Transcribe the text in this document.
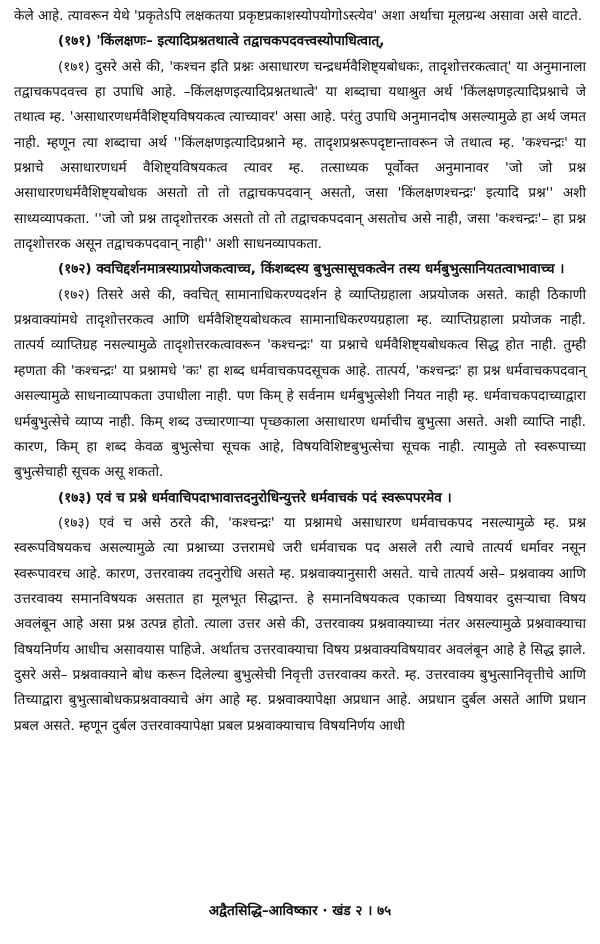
केले आहे. त्यावरून येथे 'प्रकृतेऽपि लक्षकतया प्रकृष्टप्रकाशस्योपयोगोऽस्त्येव' अशा अर्थाचा मूलग्रन्थ असावा असे वाटते.

(१७१) 'किंलक्षणः– इत्यादिप्रश्नतथात्वे तद्वाचकपदवत्त्वस्योपाधित्वात्,

(१७१) दुसरे असे की, 'कश्चन इति प्रश्नः असाधारण चन्द्रधर्मवैशिष्ट्यबोधकः, तादृशोत्तरकत्वात्' या अनुमानाला तद्वाचकपदवत्त्व हा उपाधि आहे. –किंलक्षणइत्यादिप्रश्नतथात्वे' या शब्दाचा यथाश्रुत अर्थ 'किंलक्षणइत्यादिप्रश्नाचे जे तथात्व म्ह. 'असाधारणधर्मवैशिष्ट्यविषयकत्व त्याच्यावर' असा आहे. परंतु उपाधि अनुमानदोष असल्यामुळे हा अर्थ जमत नाही. म्हणून त्या शब्दाचा अर्थ ''किंलक्षणइत्यादिप्रश्नाने म्ह. तादृशप्रश्नरूपदृष्टान्तावरून जे तथात्व म्ह. 'कश्चन्द्रः' या प्रश्नाचे असाधारणधर्म वैशिष्ट्यविषयकत्व त्यावर म्ह. तत्साध्यक पूर्वोक्त अनुमानावर 'जो जो प्रश्न असाधारणधर्मवैशिष्ट्यबोधक असतो तो तो तद्वाचकपदवान् असतो, जसा 'किंलक्षणश्चन्द्रः' इत्यादि प्रश्न'' अशी साध्यव्यापकता. ''जो जो प्रश्न तादृशोत्तरक असतो तो तो तद्वाचकपदवान् असतोच असे नाही, जसा 'कश्चन्द्रः'– हा प्रश्न तादृशोत्तरक असून तद्वाचकपदवान् नाही'' अशी साधनव्यापकता.

(१७२) क्वचिद्दर्शनमात्रस्याप्रयोजकत्वाच्च, किंशब्दस्य बुभुत्सासूचकत्वेन तस्य धर्मबुभुत्सानियतत्वाभावाच्च ।

(१७२) तिसरे असे की, क्वचित् सामानाधिकरण्यदर्शन हे व्याप्तिग्रहाला अप्रयोजक असते. काही ठिकाणी प्रश्नवाक्यांमधे तादृशोत्तरकत्व आणि धर्मवैशिष्ट्यबोधकत्व सामानाधिकरण्यग्रहाला म्ह. व्याप्तिग्रहाला प्रयोजक नाही. तात्पर्य व्याप्तिग्रह नसल्यामुळे तादृशोत्तरकत्वावरून 'कश्चन्द्रः' या प्रश्नाचे धर्मवैशिष्ट्यबोधकत्व सिद्ध होत नाही. तुम्ही म्हणता की 'कश्चन्द्रः' या प्रश्नामधे 'कः' हा शब्द धर्मवाचकपदसूचक आहे. तात्पर्य, 'कश्चन्द्रः' हा प्रश्न धर्मवाचकपदवान् असल्यामुळे साधनाव्यापकता उपाधीला नाही. पण किम् हे सर्वनाम धर्मबुभुत्सेशी नियत नाही म्ह. धर्मवाचकपदाच्याद्वारा धर्मबुभुत्सेचे व्याप्य नाही. किम् शब्द उच्चारणाऱ्या पृच्छकाला असाधारण धर्माचीच बुभुत्सा असते. अशी व्याप्ति नाही. कारण, किम् हा शब्द केवळ बुभुत्सेचा सूचक आहे, विषयविशिष्टबुभुत्सेचा सूचक नाही. त्यामुळे तो स्वरूपाच्या बुभुत्सेचाही सूचक असू शकतो.

(१७३) एवं च प्रश्ने धर्मवाचिपदाभावात्तदनुरोधिन्युत्तरे धर्मवाचकं पदं स्वरूपपरमेव ।

(१७३) एवं च असे ठरते की, 'कश्चन्द्रः' या प्रश्नामधे असाधारण धर्मवाचकपद नसल्यामुळे म्ह. प्रश्न स्वरूपविषयकच असल्यामुळे त्या प्रश्नाच्या उत्तरामधे जरी धर्मवाचक पद असले तरी त्याचे तात्पर्य धर्मावर नसून स्वरूपावरच आहे. कारण, उत्तरवाक्य तदनुरोधि असते म्ह. प्रश्नवाक्यानुसारी असते. याचे तात्पर्य असे– प्रश्नवाक्य आणि उत्तरवाक्य समानविषयक असतात हा मूलभूत सिद्धान्त. हे समानविषयकत्व एकाच्या विषयावर दुसऱ्याचा विषय अवलंबून आहे असा प्रश्न उत्पन्न होतो. त्याला उत्तर असे की, उत्तरवाक्य प्रश्नवाक्याच्या नंतर असल्यामुळे प्रश्नवाक्याचा विषयनिर्णय आधीच असावयास पाहिजे. अर्थातच उत्तरवाक्याचा विषय प्रश्नवाक्यविषयावर अवलंबून आहे हे सिद्ध झाले. दुसरे असे– प्रश्नवाक्याने बोध करून दिलेल्या बुभुत्सेची निवृत्ती उत्तरवाक्य करते. म्ह. उत्तरवाक्य बुभुत्सानिवृत्तीचे आणि तिच्याद्वारा बुभुत्साबोधकप्रश्नवाक्याचे अंग आहे म्ह. प्रश्नवाक्यापेक्षा अप्रधान आहे. अप्रधान दुर्बल असते आणि प्रधान प्रबल असते. म्हणून दुर्बल उत्तरवाक्यापेक्षा प्रबल प्रश्नवाक्याचाच विषयनिर्णय आधी

अद्वैतसिद्धि–आविष्कार · खंड २ । ७५
